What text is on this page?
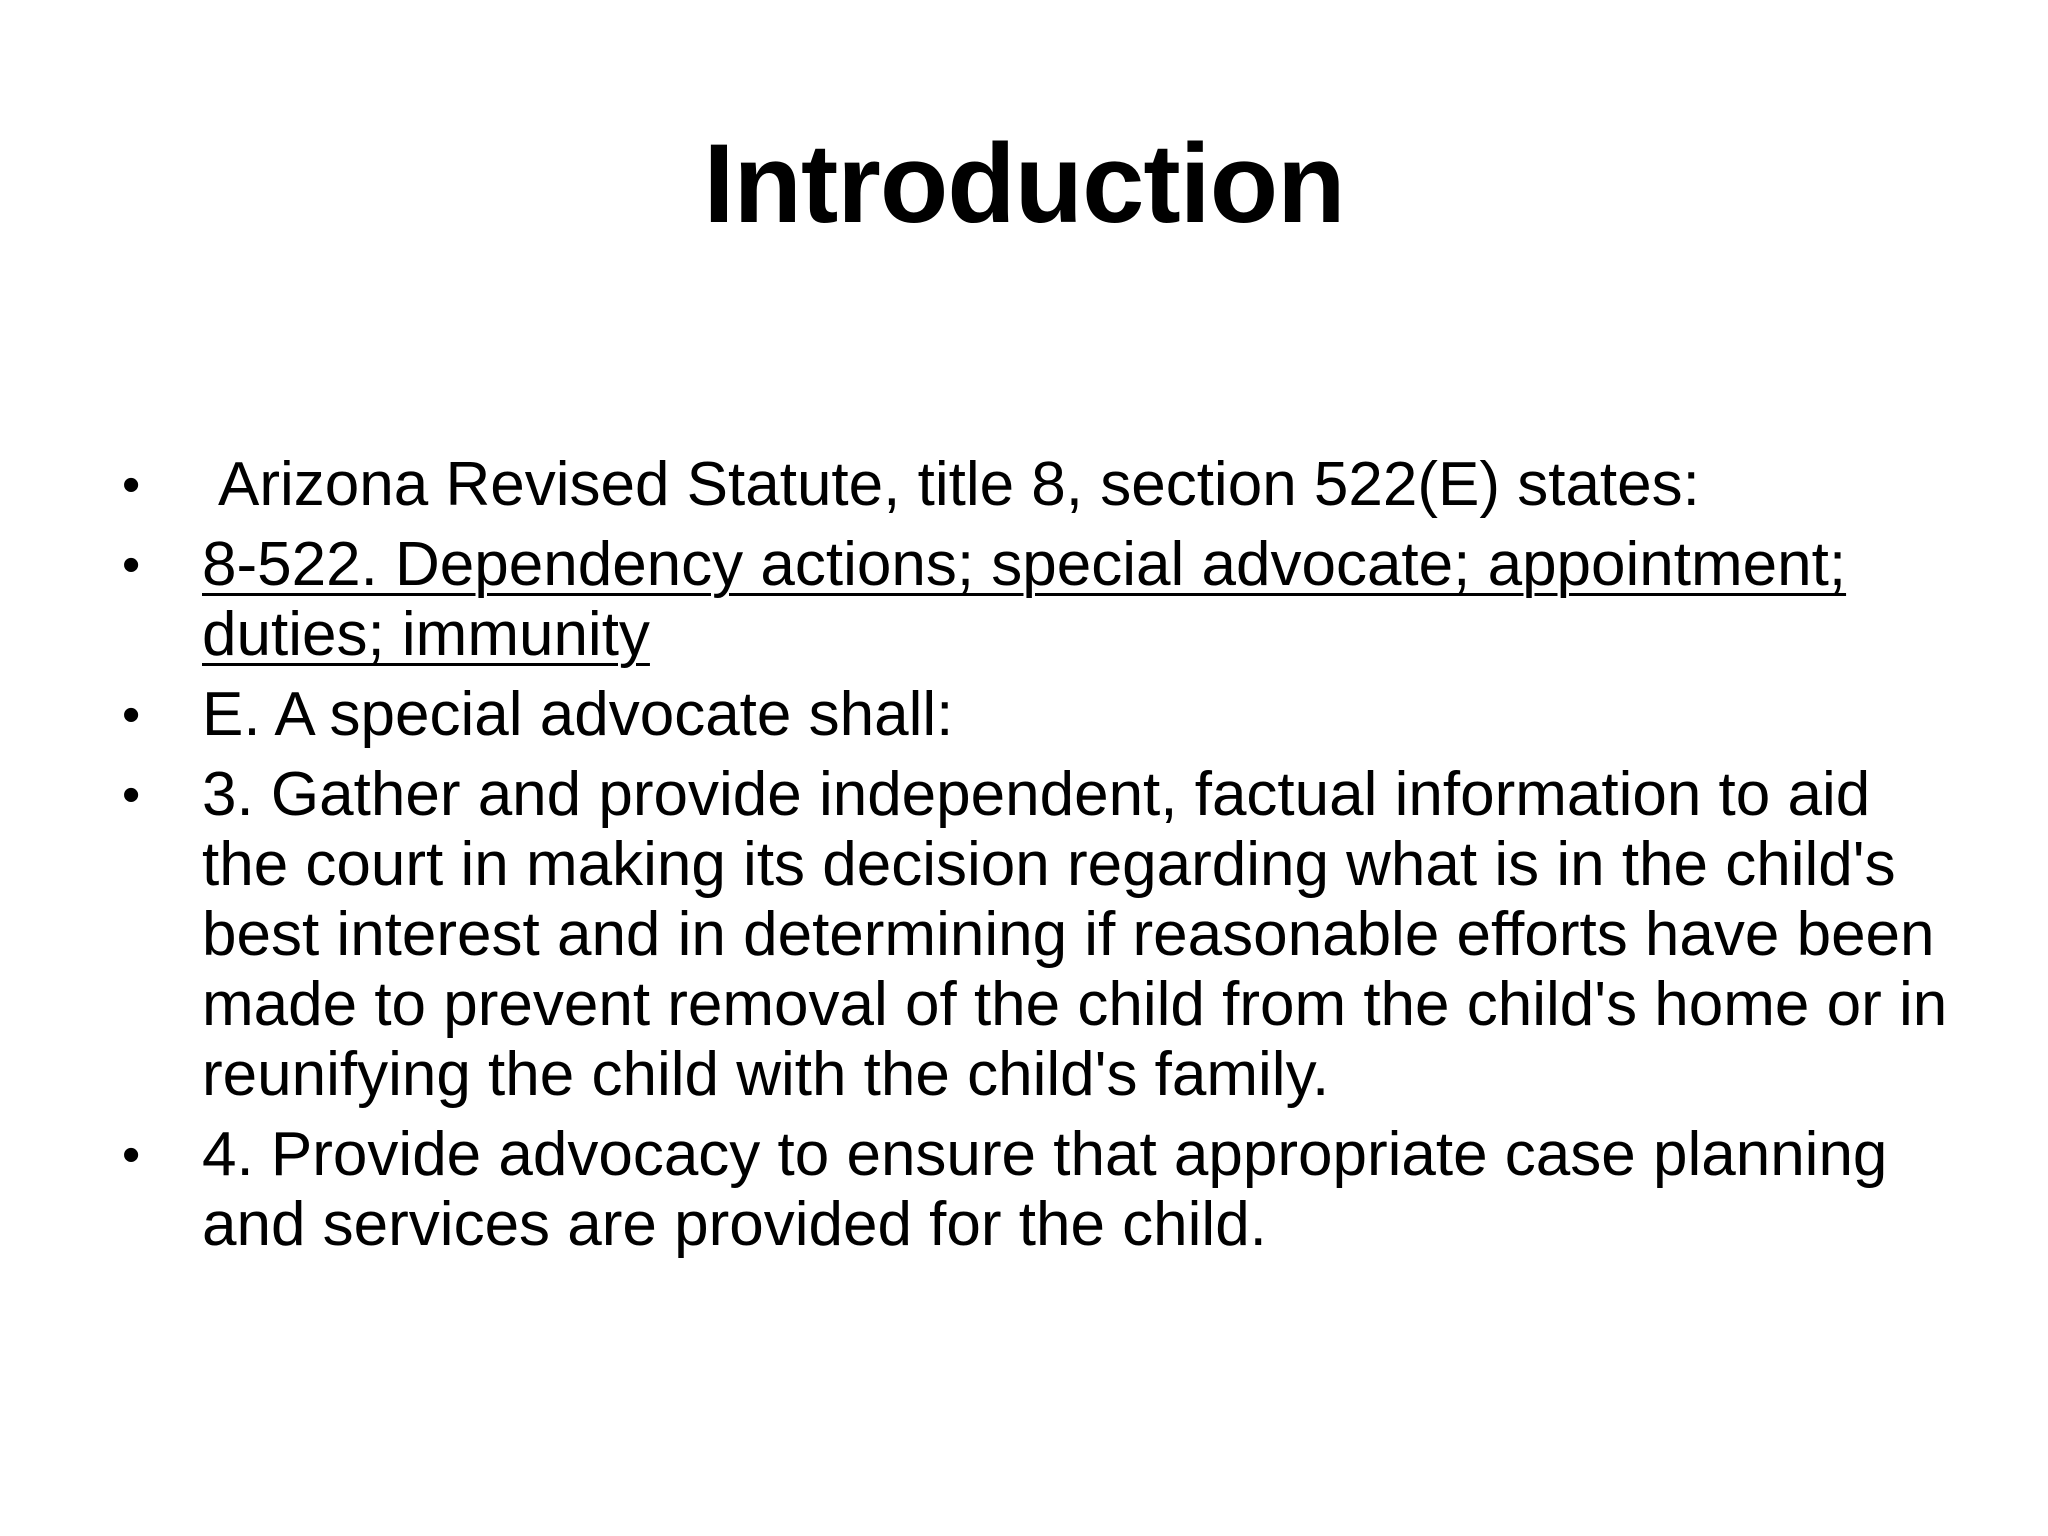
Introduction
•	Arizona Revised Statute, title 8, section 522(E) states:
• 8-522. Dependency actions; special advocate; appointment; duties; immunity
• E. A special advocate shall:
• 3. Gather and provide independent, factual information to aid the court in making its decision regarding what is in the child's best interest and in determining if reasonable efforts have been made to prevent removal of the child from the child's home or in reunifying the child with the child's family.
• 4. Provide advocacy to ensure that appropriate case planning and services are provided for the child.
